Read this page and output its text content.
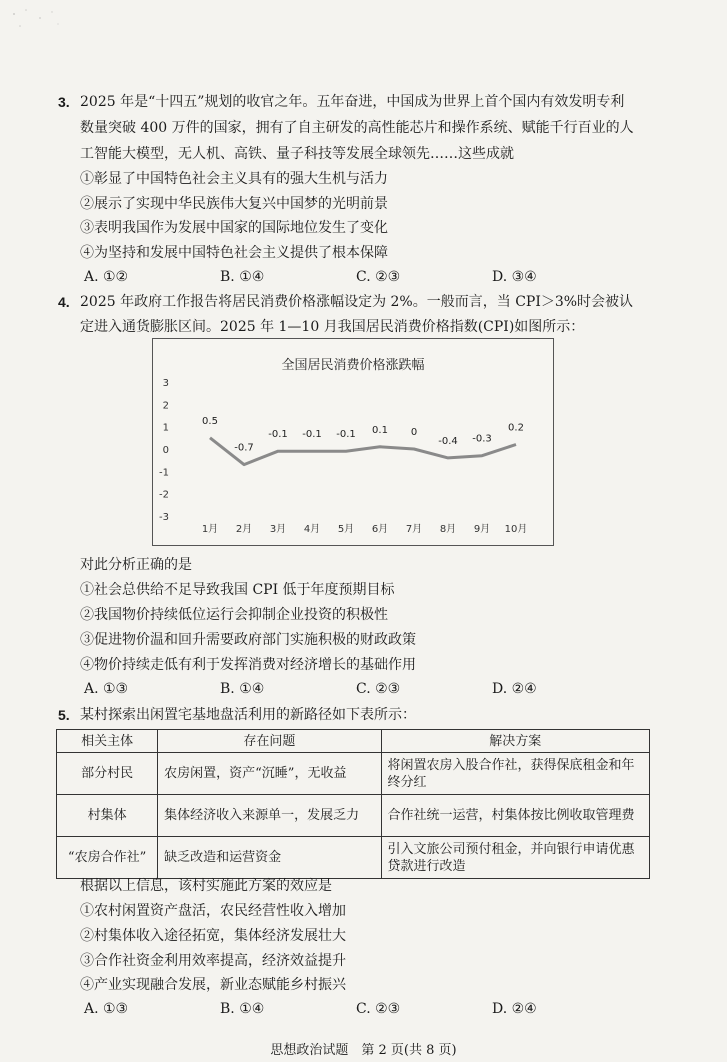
3. 2025 年是“十四五”规划的收官之年。五年奋进，中国成为世界上首个国内有效发明专利
数量突破 400 万件的国家，拥有了自主研发的高性能芯片和操作系统、赋能千行百业的人
工智能大模型，无人机、高铁、量子科技等发展全球领先……这些成就
①彰显了中国特色社会主义具有的强大生机与活力
②展示了实现中华民族伟大复兴中国梦的光明前景
③表明我国作为发展中国家的国际地位发生了变化
④为坚持和发展中国特色社会主义提供了根本保障
A. ①②	B. ①④	C. ②③	D. ③④
4. 2025 年政府工作报告将居民消费价格涨幅设定为 2%。一般而言，当 CPI＞3%时会被认
定进入通货膨胀区间。2025 年 1—10 月我国居民消费价格指数(CPI)如图所示：
全国居民消费价格涨跌幅
3
2
1
0
-1
-2
-3
1月 2月 3月 4月 5月 6月 7月 8月 9月 10月
0.5
-0.7
-0.1 -0.1 -0.1 0.1 0
-0.4 -0.3
0.2
对此分析正确的是
①社会总供给不足导致我国 CPI 低于年度预期目标
②我国物价持续低位运行会抑制企业投资的积极性
③促进物价温和回升需要政府部门实施积极的财政政策
④物价持续走低有利于发挥消费对经济增长的基础作用
A. ①③	B. ①④	C. ②③	D. ②④
5. 某村探索出闲置宅基地盘活利用的新路径如下表所示：
相关主体	存在问题	解决方案
部分村民	农房闲置，资产“沉睡”，无收益	将闲置农房入股合作社，获得保底租金和年终分红
村集体	集体经济收入来源单一，发展乏力	合作社统一运营，村集体按比例收取管理费
“农房合作社”	缺乏改造和运营资金	引入文旅公司预付租金，并向银行申请优惠贷款进行改造
根据以上信息，该村实施此方案的效应是
①农村闲置资产盘活，农民经营性收入增加
②村集体收入途径拓宽，集体经济发展壮大
③合作社资金利用效率提高，经济效益提升
④产业实现融合发展，新业态赋能乡村振兴
A. ①③	B. ①④	C. ②③	D. ②④
思想政治试题　第 2 页(共 8 页)
